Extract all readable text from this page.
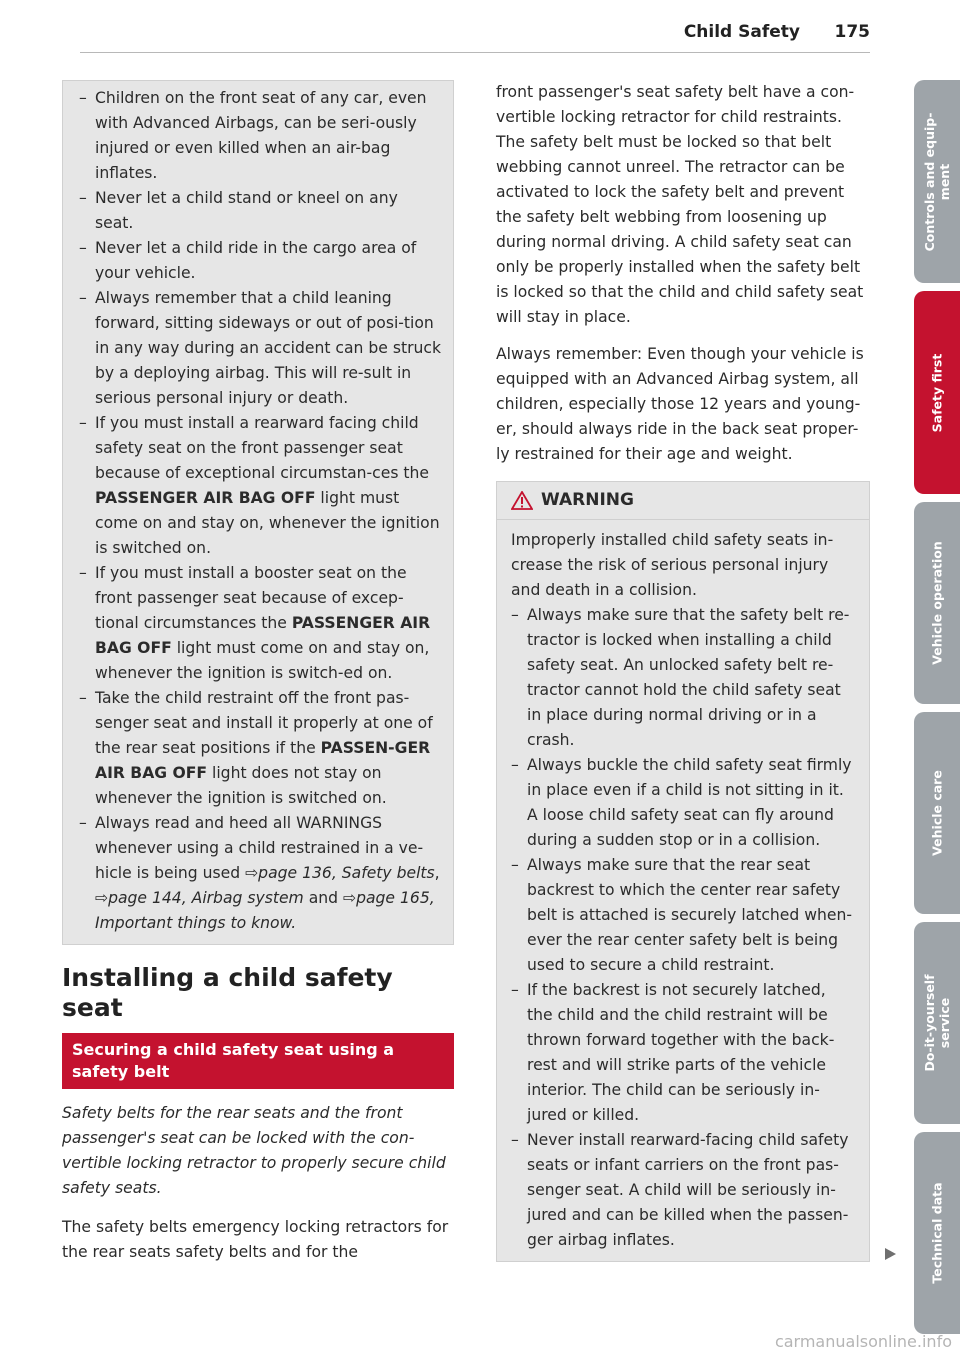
Child Safety 175
– Children on the front seat of any car, even with Advanced Airbags, can be seri-ously injured or even killed when an air-bag inflates.
– Never let a child stand or kneel on any seat.
– Never let a child ride in the cargo area of your vehicle.
– Always remember that a child leaning forward, sitting sideways or out of posi-tion in any way during an accident can be struck by a deploying airbag. This will re-sult in serious personal injury or death.
– If you must install a rearward facing child safety seat on the front passenger seat because of exceptional circumstan-ces the PASSENGER AIR BAG OFF light must come on and stay on, whenever the ignition is switched on.
– If you must install a booster seat on the front passenger seat because of excep-tional circumstances the PASSENGER AIR BAG OFF light must come on and stay on, whenever the ignition is switch-ed on.
– Take the child restraint off the front pas-senger seat and install it properly at one of the rear seat positions if the PASSEN-GER AIR BAG OFF light does not stay on whenever the ignition is switched on.
– Always read and heed all WARNINGS whenever using a child restrained in a ve-hicle is being used ⇨page 136, Safety belts, ⇨page 144, Airbag system and ⇨page 165, Important things to know.
Installing a child safety seat
Securing a child safety seat using a safety belt

Safety belts for the rear seats and the front passenger's seat can be locked with the con-vertible locking retractor to properly secure child safety seats.

The safety belts emergency locking retractors for the rear seats safety belts and for the

front passenger's seat safety belt have a con-vertible locking retractor for child restraints. The safety belt must be locked so that belt webbing cannot unreel. The retractor can be activated to lock the safety belt and prevent the safety belt webbing from loosening up during normal driving. A child safety seat can only be properly installed when the safety belt is locked so that the child and child safety seat will stay in place.

Always remember: Even though your vehicle is equipped with an Advanced Airbag system, all children, especially those 12 years and young-er, should always ride in the back seat proper-ly restrained for their age and weight.

WARNING

Improperly installed child safety seats in-crease the risk of serious personal injury and death in a collision.

– Always make sure that the safety belt re-tractor is locked when installing a child safety seat. An unlocked safety belt re-tractor cannot hold the child safety seat in place during normal driving or in a crash.
– Always buckle the child safety seat firmly in place even if a child is not sitting in it. A loose child safety seat can fly around during a sudden stop or in a collision.
– Always make sure that the rear seat backrest to which the center rear safety belt is attached is securely latched when-ever the rear center safety belt is being used to secure a child restraint.
– If the backrest is not securely latched, the child and the child restraint will be thrown forward together with the back-rest and will strike parts of the vehicle interior. The child can be seriously in-jured or killed.
– Never install rearward-facing child safety seats or infant carriers on the front pas-senger seat. A child will be seriously in-jured and can be killed when the passen-ger airbag inflates.
Controls and equip-
ment
Safety first
Vehicle operation
Vehicle care
Do-it-yourself
service
Technical data
carmanualsonline.info
